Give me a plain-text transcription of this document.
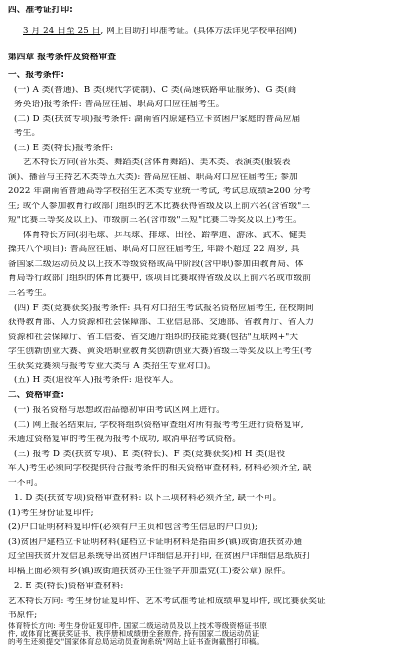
四、准考证打印:
3 月 24 日至 25 日, 网上自助打印准考证。(具体方法详见学校单招网)
第四章 报考条件及资格审查
一、报考条件:
(一) A 类(普通)、B 类(现代学徒制)、C 类(高速铁路单证服务)、G 类(商
务英语)报考条件: 普高应往届、职高对口应往届考生。
(二) D 类(扶贫专项)报考条件: 湖南省内原建档立卡贫困户家庭的普高应届
考生。
(三) E 类(特长)报考条件:
艺术特长方向(音乐类、舞蹈类(含体育舞蹈)、美术类、表演类(服装表
演)、播音与主持艺术类等五大类): 普高应往届、职高对口应往届考生; 参加
2022 年湖南省普通高等学校招生艺术类专业统一考试, 考试总成绩≥200 分考
生; 或个人参加教育行政部门组织的艺术比赛获得省级及以上前六名(含省级"三
短"比赛三等奖及以上)、市级前三名(含市级"三短"比赛二等奖及以上)考生。
体育特长方向(羽毛球、乒乓球、排球、田径、跆拳道、游泳、武术、健美
操共八个项目): 普高应往届、职高对口应往届考生, 年龄不超过 22 周岁, 具
备国家二级运动员及以上技术等级资格或高中阶段(含中职)参加由教育局、体
育局等行政部门组织的体育比赛中, 该项目比赛取得省级及以上前六名或市级前
三名考生。
(四) F 类(竞赛获奖)报考条件: 具有对口招生考试报名资格应届考生, 在校期间
获得教育部、人力资源和社会保障部、工业信息部、交通部、省教育厅、省人力
资源和社会保障厅、省工信委、省交通厅组织的技能竞赛(包括"互联网+"大
学生创新创业大赛、黄炎培职业教育奖创新创业大赛)省级三等奖及以上考生(考
生获奖竞赛须与报考专业大类与 A 类招生专业对口)。
(五) H 类(退役军人)报考条件: 退役军人。
二、资格审查:
(一) 报名资格与思想政治品德初审由考试区网上进行。
(二) 网上报名结束后, 学校将组织资格审查组对所有报考考生进行资格复审,
未通过资格复审的考生视为报考不成功, 取消单招考试资格。
(三) 报考 D 类(扶贫专项)、E 类(特长)、F 类(竞赛获奖)和 H 类(退役
军人)考生必须向学校提供符合报考条件的相关资格审查材料, 材料必须齐全, 缺
一不可。
1. D 类(扶贫专项)资格审查材料: 以下三项材料必须齐全, 缺一不可。
(1)考生身份证复印件;
(2)户口证明材料复印件(必须有户主页和包含考生信息的户口页);
(3)贫困户建档立卡证明材料(建档立卡证明材料是指由乡(镇)或街道扶贫办通
过全国扶贫开发信息系统导出贫困户详细信息并打印, 在贫困户详细信息纸质打
印稿上面必须有乡(镇)或街道扶贫办主任签字并加盖党(工)委公章) 原件。
2. E 类(特长)资格审查材料:
艺术特长方向: 考生身份证复印件、艺术考试准考证和成绩单复印件, 或比赛获奖证
书原件;
体育特长方向: 考生身份证复印件, 国家二级运动员及以上技术等级资格证书原
件, 或体育比赛获奖证书、秩序册和成绩册全套原件, 持有国家二级运动员证
的考生还须提交"国家体育总局运动员查询系统"网站上证书查询截图打印稿。
